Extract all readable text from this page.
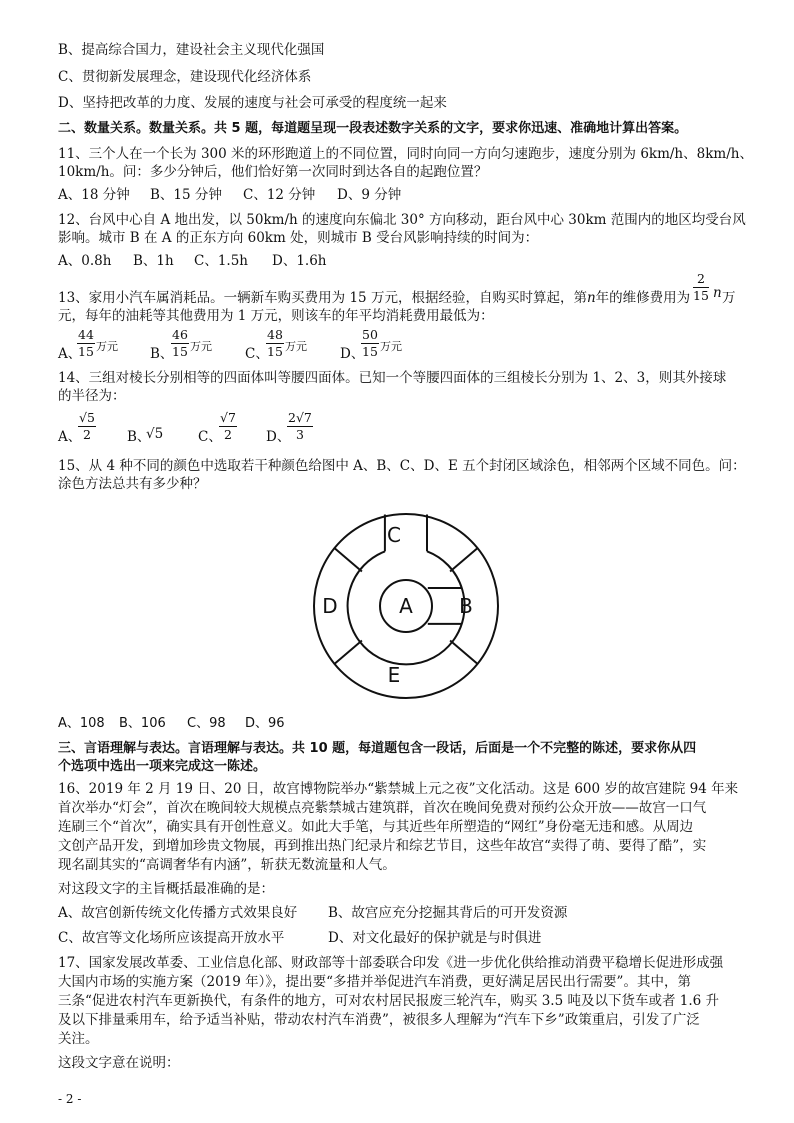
B、提高综合国力，建设社会主义现代化强国
C、贯彻新发展理念，建设现代化经济体系
D、坚持把改革的力度、发展的速度与社会可承受的程度统一起来
二、数量关系。数量关系。共 5 题，每道题呈现一段表述数字关系的文字，要求你迅速、准确地计算出答案。
11、三个人在一个长为 300 米的环形跑道上的不同位置，同时向同一方向匀速跑步，速度分别为 6km/h、8km/h、
10km/h。问：多少分钟后，他们恰好第一次同时到达各自的起跑位置？
A、18 分钟 B、15 分钟 C、12 分钟 D、9 分钟
12、台风中心自 A 地出发，以 50km/h 的速度向东偏北 30° 方向移动，距台风中心 30km 范围内的地区均受台风
影响。城市 B 在 A 的正东方向 60km 处，则城市 B 受台风影响持续的时间为：
A、0.8h B、1h C、1.5h D、1.6h
13、家用小汽车属消耗品。一辆新车购买费用为 15 万元，根据经验，自购买时算起，第n年的维修费用为 $\frac{2}{15}$ n 万
元，每年的油耗等其他费用为 1 万元，则该车的年平均消耗费用最低为：
A、
$\frac{44}{15}$ 万元 B、
$\frac{46}{15}$ 万元 C、
$\frac{48}{15}$ 万元 D、
$\frac{50}{15}$ 万元
14、三组对棱长分别相等的四面体叫等腰四面体。已知一个等腰四面体的三组棱长分别为 1、2、3，则其外接球
的半径为：
A、
$\frac{√5}{2}$ B、
√5	C、
$\frac{√7}{2}$ D、
$\frac{2√7}{3}$
15、从 4 种不同的颜色中选取若干种颜色给图中 A、B、C、D、E 五个封闭区域涂色，相邻两个区域不同色。问：
涂色方法总共有多少种？
A B
C
D
E
A、108 B、106 C、98 D、96
三、言语理解与表达。言语理解与表达。共 10 题，每道题包含一段话，后面是一个不完整的陈述，要求你从四
个选项中选出一项来完成这一陈述。
16、2019 年 2 月 19 日、20 日，故宫博物院举办“紫禁城上元之夜”文化活动。这是 600 岁的故宫建院 94 年来
首次举办“灯会”，首次在晚间较大规模点亮紫禁城古建筑群，首次在晚间免费对预约公众开放——故宫一口气
连刷三个“首次”，确实具有开创性意义。如此大手笔，与其近些年所塑造的“网红”身份毫无违和感。从周边
文创产品开发，到增加珍贵文物展，再到推出热门纪录片和综艺节目，这些年故宫“卖得了萌、要得了酷”，实
现名副其实的“高调奢华有内涵”，斩获无数流量和人气。
对这段文字的主旨概括最准确的是：
A、故宫创新传统文化传播方式效果良好 B、故宫应充分挖掘其背后的可开发资源
C、故宫等文化场所应该提高开放水平	D、对文化最好的保护就是与时俱进
17、国家发展改革委、工业信息化部、财政部等十部委联合印发《进一步优化供给推动消费平稳增长促进形成强
大国内市场的实施方案（2019 年）》，提出要“多措并举促进汽车消费，更好满足居民出行需要”。其中，第
三条“促进农村汽车更新换代，有条件的地方，可对农村居民报废三轮汽车，购买 3.5 吨及以下货车或者 1.6 升
及以下排量乘用车，给予适当补贴，带动农村汽车消费”，被很多人理解为“汽车下乡”政策重启，引发了广泛
关注。
这段文字意在说明：
- 2 -
